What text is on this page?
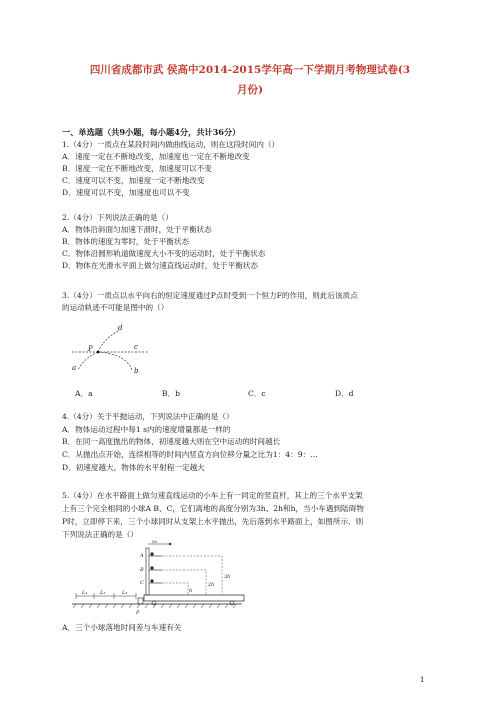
四川省成都市武 侯高中2014-2015学年高一下学期月考物理试卷(3
月份)
一、单选题（共9小题，每小题4分，共计36分）
1.（4分）一质点在某段时间内做曲线运动，则在这段时间内（）
A．速度一定在不断地改变，加速度也一定在不断地改变
B．速度一定在不断地改变，加速度可以不变
C．速度可以不变，加速度一定不断地改变
D．速度可以不变，加速度也可以不变
2.（4分）下列说法正确的是（）
A．物体沿斜面匀加速下滑时，处于平衡状态
B．物体的速度为零时，处于平衡状态
C．物体沿圆形轨道做速度大小不变的运动时，处于平衡状态
D．物体在光滑水平面上做匀速直线运动时，处于平衡状态
3.（4分）一质点以水平向右的恒定速度通过P点时受到一个恒力F的作用，则此后该质点
的运动轨迹不可能是图中的（）
d
c
P
b
a
A．a	B．b	C．c	D．d
4.（4分）关于平抛运动，下列说法中正确的是（）
A．物体运动过程中每1 s内的速度增量都是一样的
B．在同一高度抛出的物体，初速度越大则在空中运动的时间越长
C．从抛出点开始，连续相等的时间内竖直方向位移分量之比为1：4：9：…
D．初速度越大，物体的水平射程一定越大
5.（4分）在水平路面上做匀速直线运动的小车上有一同定的竖直杆，其上的三个水平支架
上有三个完全相同的小球A B、C，它们离地的高度分别为3h、2h和h，当小车遇到陆碍物
P时，立即停下来，三个小球同时从支架上水平抛出，先后落到水平路面上，如图所示．则
下列说法正确的是（）
L₁	L₂	L₃
P
A
B
C
v₀
3h
2h
h
A．三个小球落地时间差与车速有关
1
